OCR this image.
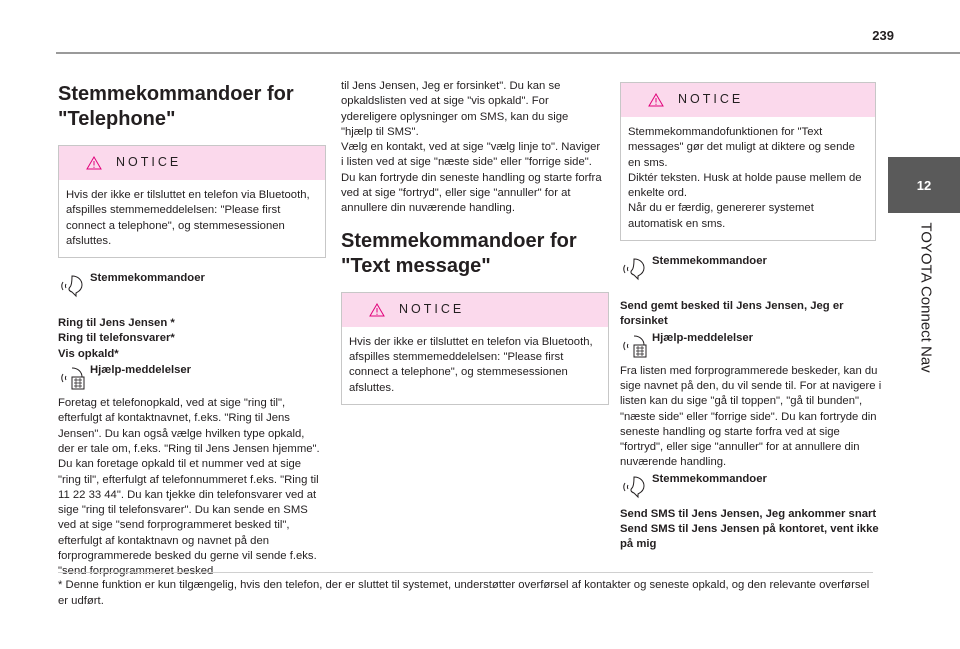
239
12
TOYOTA Connect Nav
Stemmekommandoer for "Telephone"
NOTICE
Hvis der ikke er tilsluttet en telefon via Bluetooth, afspilles stemmemeddelelsen: "Please first connect a telephone", og stemmesessionen afsluttes.
Stemmekommandoer

Ring til Jens Jensen *
Ring til telefonsvarer*
Vis opkald*

Hjælp-meddelelser

Foretag et telefonopkald, ved at sige "ring til", efterfulgt af kontaktnavnet, f.eks. "Ring til Jens Jensen". Du kan også vælge hvilken type opkald, der er tale om, f.eks. "Ring til Jens Jensen hjemme". Du kan foretage opkald til et nummer ved at sige "ring til", efterfulgt af telefonnummeret f.eks. "Ring til 11 22 33 44". Du kan tjekke din telefonsvarer ved at sige "ring til telefonsvarer". Du kan sende en SMS ved at sige "send forprogrammeret besked til", efterfulgt af kontaktnavn og navnet på den forprogrammerede besked du gerne vil sende f.eks.

til Jens Jensen, Jeg er forsinket". Du kan se opkaldslisten ved at sige "vis opkald". For ydereligere oplysninger om SMS, kan du sige "hjælp til SMS".
Vælg en kontakt, ved at sige "vælg linje to". Naviger i listen ved at sige "næste side" eller "forrige side". Du kan fortryde din seneste handling og starte forfra ved at sige "fortryd", eller sige "annuller" for at annullere din nuværende handling.

Stemmekommandoer for "Text message"
NOTICE
Hvis der ikke er tilsluttet en telefon via Bluetooth, afspilles stemmemeddelelsen: "Please first connect a telephone", og stemmesessionen afsluttes.
NOTICE
Stemmekommandofunktionen for "Text messages" gør det muligt at diktere og sende en sms.
Diktér teksten. Husk at holde pause mellem de enkelte ord.
Når du er færdig, genererer systemet automatisk en sms.
Stemmekommandoer

Send gemt besked til Jens Jensen, Jeg er forsinket

Hjælp-meddelelser

Fra listen med forprogrammerede beskeder, kan du sige navnet på den, du vil sende til. For at navigere i listen kan du sige "gå til toppen", "gå til bunden", "næste side" eller "forrige side". Du kan fortryde din seneste handling og starte forfra ved at sige "fortryd", eller sige "annuller" for at annullere din nuværende handling.

Stemmekommandoer

Send SMS til Jens Jensen, Jeg ankommer snart
Send SMS til Jens Jensen på kontoret, vent ikke på mig

* Denne funktion er kun tilgængelig, hvis den telefon, der er sluttet til systemet, understøtter overførsel af kontakter og seneste opkald, og den relevante overførsel er udført.
